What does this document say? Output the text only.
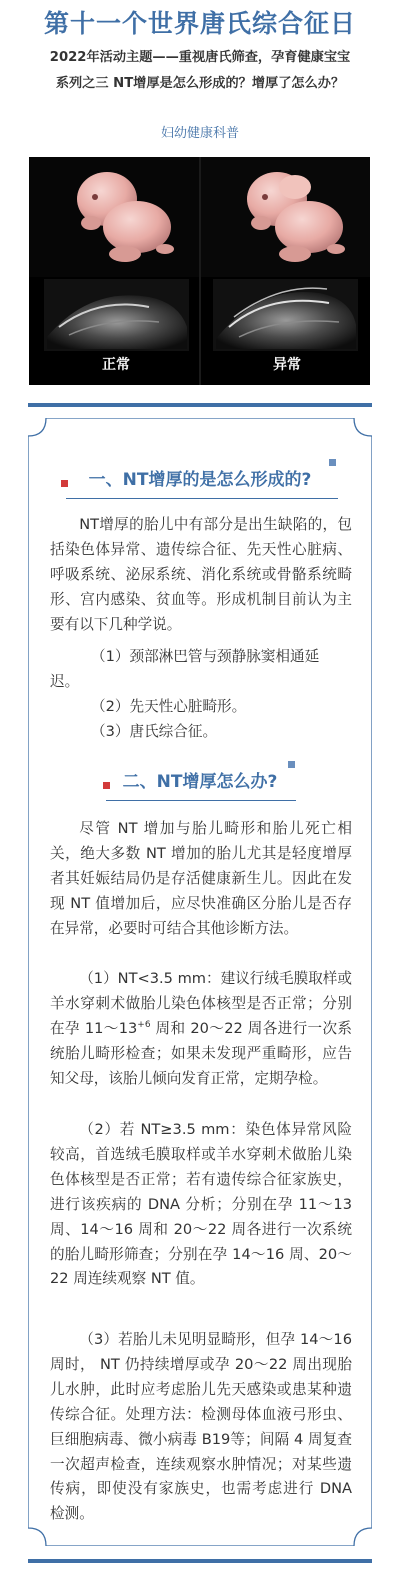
第十一个世界唐氏综合征日
2022年活动主题——重视唐氏筛查，孕育健康宝宝
系列之三 NT增厚是怎么形成的？增厚了怎么办？
妇幼健康科普
正常	异常
一、NT增厚的是怎么形成的?
NT增厚的胎儿中有部分是出生缺陷的，包括染色体异常、遗传综合征、先天性心脏病、呼吸系统、泌尿系统、消化系统或骨骼系统畸形、宫内感染、贫血等。形成机制目前认为主要有以下几种学说。
（1）颈部淋巴管与颈静脉窦相通延
迟。
（2）先天性心脏畸形。
（3）唐氏综合征。
二、NT增厚怎么办?
尽管 NT 增加与胎儿畸形和胎儿死亡相关，绝大多数 NT 增加的胎儿尤其是轻度增厚者其妊娠结局仍是存活健康新生儿。因此在发现 NT 值增加后，应尽快准确区分胎儿是否存在异常，必要时可结合其他诊断方法。
（1）NT<3.5 mm：建议行绒毛膜取样或羊水穿刺术做胎儿染色体核型是否正常；分别在孕 $11\sim 13^{+6}$ 周和 20～22 周各进行一次系统胎儿畸形检查；如果未发现严重畸形，应告知父母，该胎儿倾向发育正常，定期孕检。
（2）若 NT≥3.5 mm：染色体异常风险较高，首选绒毛膜取样或羊水穿刺术做胎儿染色体核型是否正常；若有遗传综合征家族史，进行该疾病的 DNA 分析；分别在孕 11～13 周、14～16 周和 20～22 周各进行一次系统的胎儿畸形筛查；分别在孕 14～16 周、20～22 周连续观察 NT 值。
（3）若胎儿未见明显畸形，但孕 14～16 周时， NT 仍持续增厚或孕 20～22 周出现胎儿水肿，此时应考虑胎儿先天感染或患某种遗传综合征。处理方法：检测母体血液弓形虫、巨细胞病毒、微小病毒 B19等；间隔 4 周复查一次超声检查，连续观察水肿情况；对某些遗传病，即使没有家族史，也需考虑进行 DNA 检测。
